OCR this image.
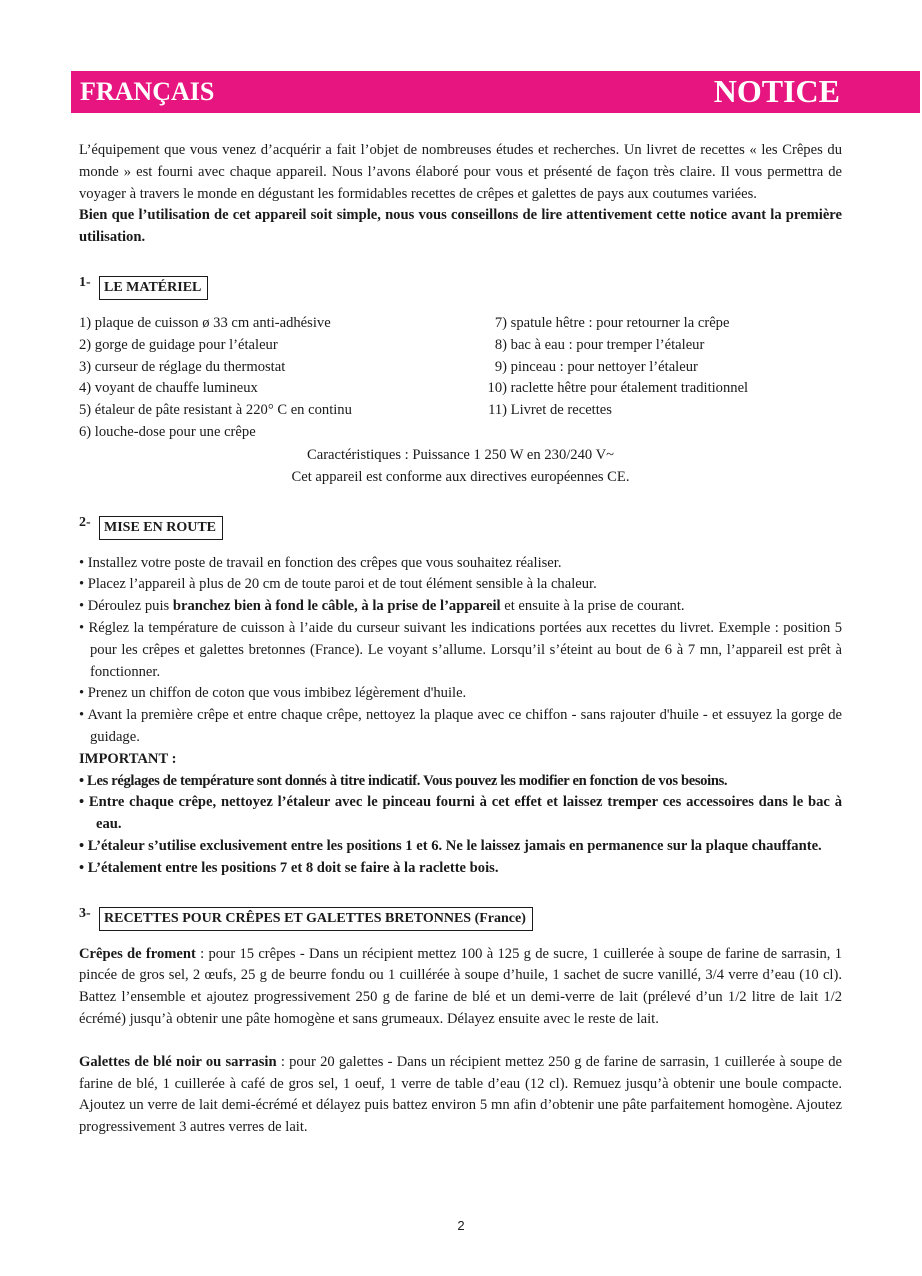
FRANÇAIS	NOTICE

L’équipement que vous venez d’acquérir a fait l’objet de nombreuses études et recherches. Un livret de recettes « les Crêpes du monde » est fourni avec chaque appareil. Nous l’avons élaboré pour vous et présenté de façon très claire. Il vous permettra de voyager à travers le monde en dégustant les formidables recettes de crêpes et galettes de pays aux coutumes variées.

Bien que l’utilisation de cet appareil soit simple, nous vous conseillons de lire attentivement cette notice avant la première utilisation.

1- LE MATÉRIEL
1) plaque de cuisson ø 33 cm anti-adhésive
2) gorge de guidage pour l’étaleur
3) curseur de réglage du thermostat
4) voyant de chauffe lumineux
5) étaleur de pâte resistant à 220° C en continu
6) louche-dose pour une crêpe
7) spatule hêtre : pour retourner la crêpe
8) bac à eau : pour tremper l’étaleur
9) pinceau : pour nettoyer l’étaleur
10) raclette hêtre pour étalement traditionnel
11) Livret de recettes

Caractéristiques : Puissance 1 250 W en 230/240 V~

Cet appareil est conforme aux directives européennes CE.

2- MISE EN ROUTE

• Installez votre poste de travail en fonction des crêpes que vous souhaitez réaliser.

• Placez l’appareil à plus de 20 cm de toute paroi et de tout élément sensible à la chaleur.

• Déroulez puis branchez bien à fond le câble, à la prise de l’appareil et ensuite à la prise de courant.

• Réglez la température de cuisson à l’aide du curseur suivant les indications portées aux recettes du livret. Exemple : position 5 pour les crêpes et galettes bretonnes (France). Le voyant s’allume. Lorsqu’il s’éteint au bout de 6 à 7 mn, l’appareil est prêt à fonctionner.

• Prenez un chiffon de coton que vous imbibez légèrement d'huile.

• Avant la première crêpe et entre chaque crêpe, nettoyez la plaque avec ce chiffon - sans rajouter d'huile - et essuyez la gorge de guidage.

IMPORTANT :

• Les réglages de température sont donnés à titre indicatif. Vous pouvez les modifier en fonction de vos besoins.

• Entre chaque crêpe, nettoyez l’étaleur avec le pinceau fourni à cet effet et laissez tremper ces accessoires dans le bac à eau.

• L’étaleur s’utilise exclusivement entre les positions 1 et 6. Ne le laissez jamais en permanence sur la plaque chauffante.

• L’étalement entre les positions 7 et 8 doit se faire à la raclette bois.

3- RECETTES POUR CRÊPES ET GALETTES BRETONNES (France)

Crêpes de froment : pour 15 crêpes - Dans un récipient mettez 100 à 125 g de sucre, 1 cuillerée à soupe de farine de sarrasin, 1 pincée de gros sel, 2 œufs, 25 g de beurre fondu ou 1 cuillérée à soupe d’huile, 1 sachet de sucre vanillé, 3/4 verre d’eau (10 cl). Battez l’ensemble et ajoutez progressivement 250 g de farine de blé et un demi-verre de lait (prélevé d’un 1/2 litre de lait 1/2 écrémé) jusqu’à obtenir une pâte homogène et sans grumeaux. Délayez ensuite avec le reste de lait.

Galettes de blé noir ou sarrasin : pour 20 galettes - Dans un récipient mettez 250 g de farine de sarrasin, 1 cuillerée à soupe de farine de blé, 1 cuillerée à café de gros sel, 1 oeuf, 1 verre de table d’eau (12 cl). Remuez jusqu’à obtenir une boule compacte. Ajoutez un verre de lait demi-écrémé et délayez puis battez environ 5 mn afin d’obtenir une pâte parfaitement homogène. Ajoutez progressivement 3 autres verres de lait.

2
